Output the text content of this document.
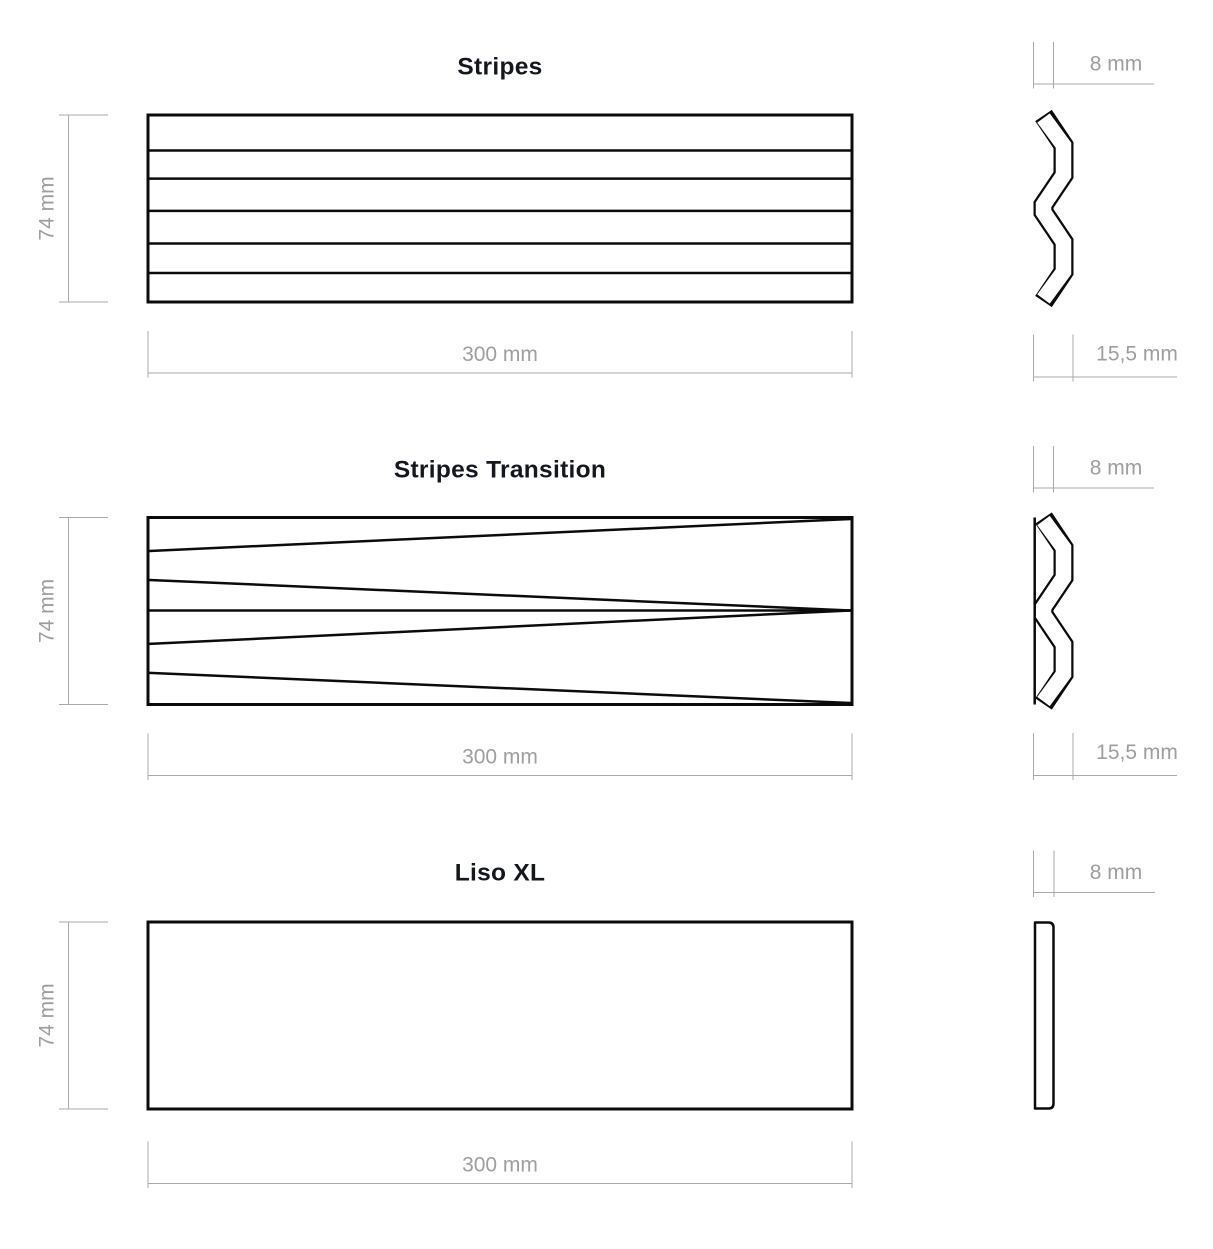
Stripes
74 mm
300 mm
8 mm
15,5 mm
Stripes Transition
74 mm
300 mm
8 mm
15,5 mm
Liso XL
74 mm
300 mm
8 mm
